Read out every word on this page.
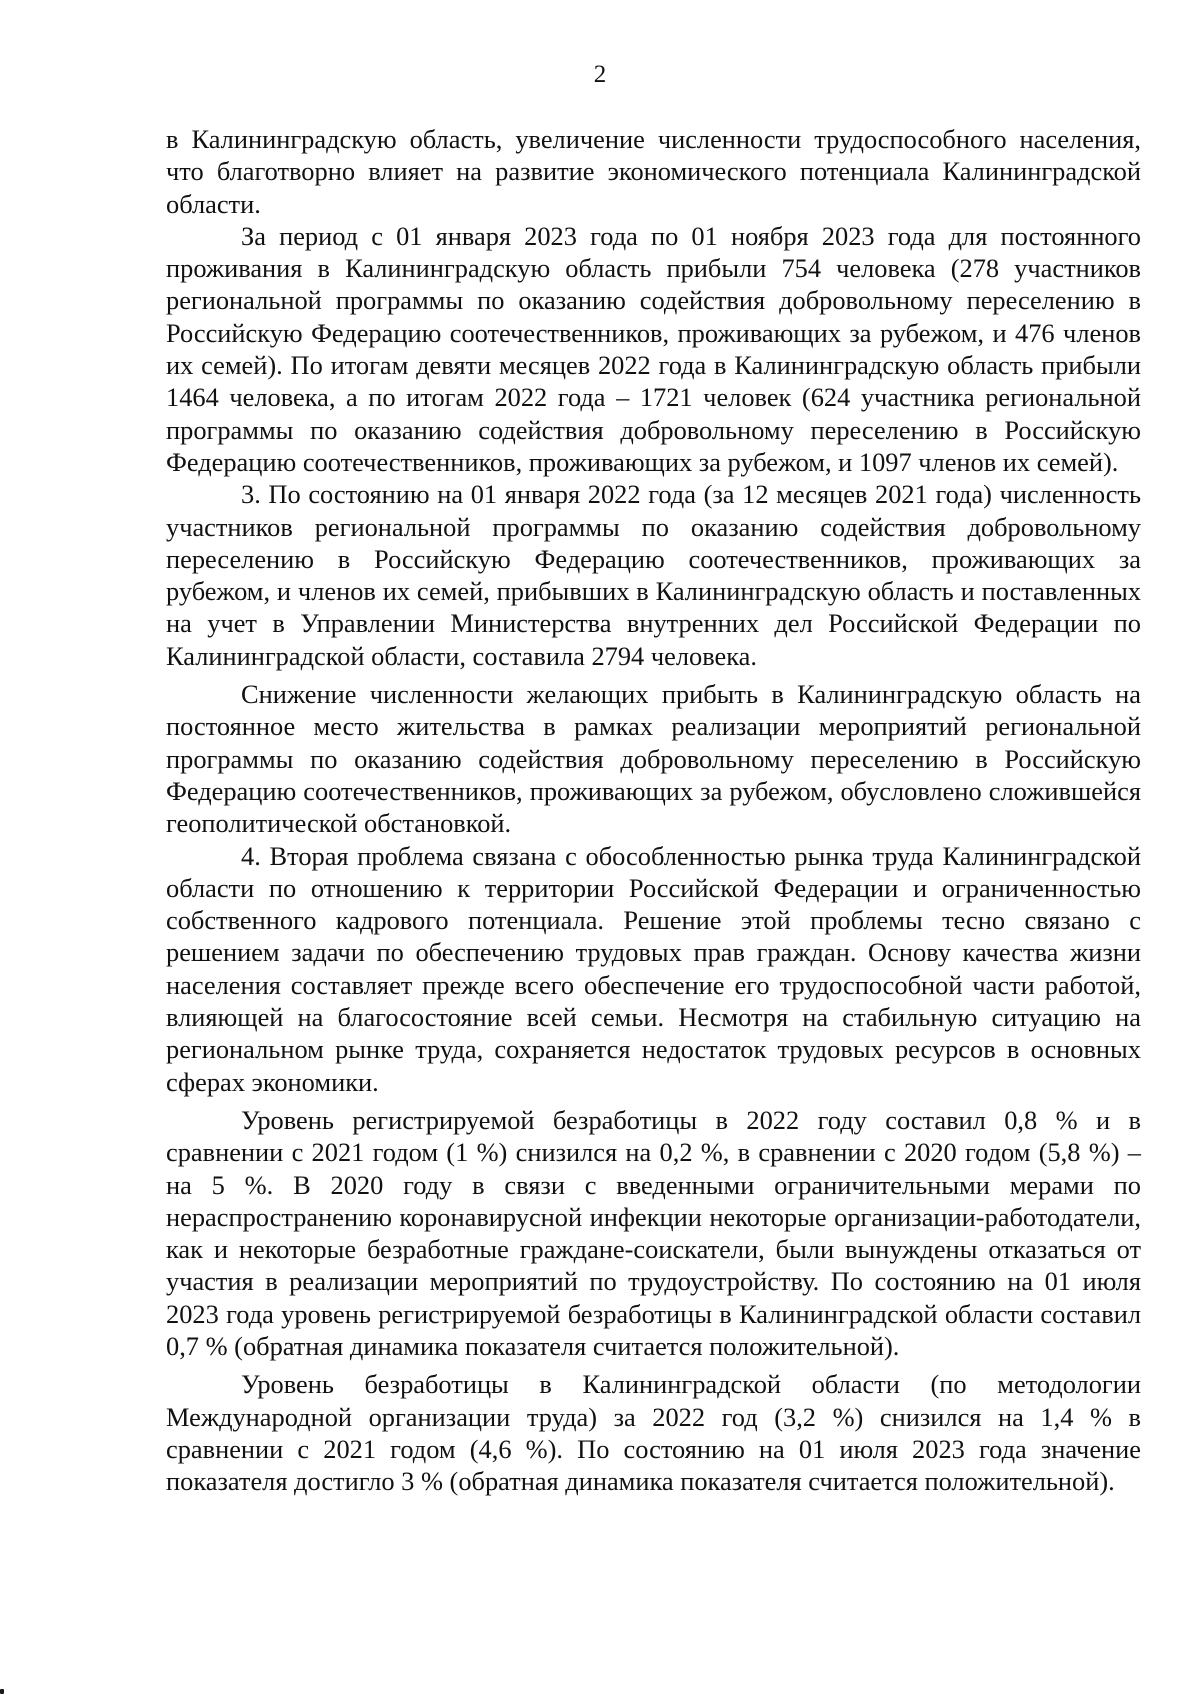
2

в Калининградскую область, увеличение численности трудоспособного населения, что благотворно влияет на развитие экономического потенциала Калининградской области.

За период с 01 января 2023 года по 01 ноября 2023 года для постоянного проживания в Калининградскую область прибыли 754 человека (278 участников региональной программы по оказанию содействия добровольному переселению в Российскую Федерацию соотечественников, проживающих за рубежом, и 476 членов их семей). По итогам девяти месяцев 2022 года в Калининградскую область прибыли 1464 человека, а по итогам 2022 года – 1721 человек (624 участника региональной программы по оказанию содействия добровольному переселению в Российскую Федерацию соотечественников, проживающих за рубежом, и 1097 членов их семей).

3. По состоянию на 01 января 2022 года (за 12 месяцев 2021 года) численность участников региональной программы по оказанию содействия добровольному переселению в Российскую Федерацию соотечественников, проживающих за рубежом, и членов их семей, прибывших в Калининградскую область и поставленных на учет в Управлении Министерства внутренних дел Российской Федерации по Калининградской области, составила 2794 человека.

Снижение численности желающих прибыть в Калининградскую область на постоянное место жительства в рамках реализации мероприятий региональной программы по оказанию содействия добровольному переселению в Российскую Федерацию соотечественников, проживающих за рубежом, обусловлено сложившейся геополитической обстановкой.

4. Вторая проблема связана с обособленностью рынка труда Калининградской области по отношению к территории Российской Федерации и ограниченностью собственного кадрового потенциала. Решение этой проблемы тесно связано с решением задачи по обеспечению трудовых прав граждан. Основу качества жизни населения составляет прежде всего обеспечение его трудоспособной части работой, влияющей на благосостояние всей семьи. Несмотря на стабильную ситуацию на региональном рынке труда, сохраняется недостаток трудовых ресурсов в основных сферах экономики.

Уровень регистрируемой безработицы в 2022 году составил 0,8 % и в сравнении с 2021 годом (1 %) снизился на 0,2 %, в сравнении с 2020 годом (5,8 %) – на 5 %. В 2020 году в связи с введенными ограничительными мерами по нераспространению коронавирусной инфекции некоторые организации-работодатели, как и некоторые безработные граждане-соискатели, были вынуждены отказаться от участия в реализации мероприятий по трудоустройству. По состоянию на 01 июля 2023 года уровень регистрируемой безработицы в Калининградской области составил 0,7 % (обратная динамика показателя считается положительной).

Уровень безработицы в Калининградской области (по методологии Международной организации труда) за 2022 год (3,2 %) снизился на 1,4 % в сравнении с 2021 годом (4,6 %). По состоянию на 01 июля 2023 года значение показателя достигло 3 % (обратная динамика показателя считается положительной).
